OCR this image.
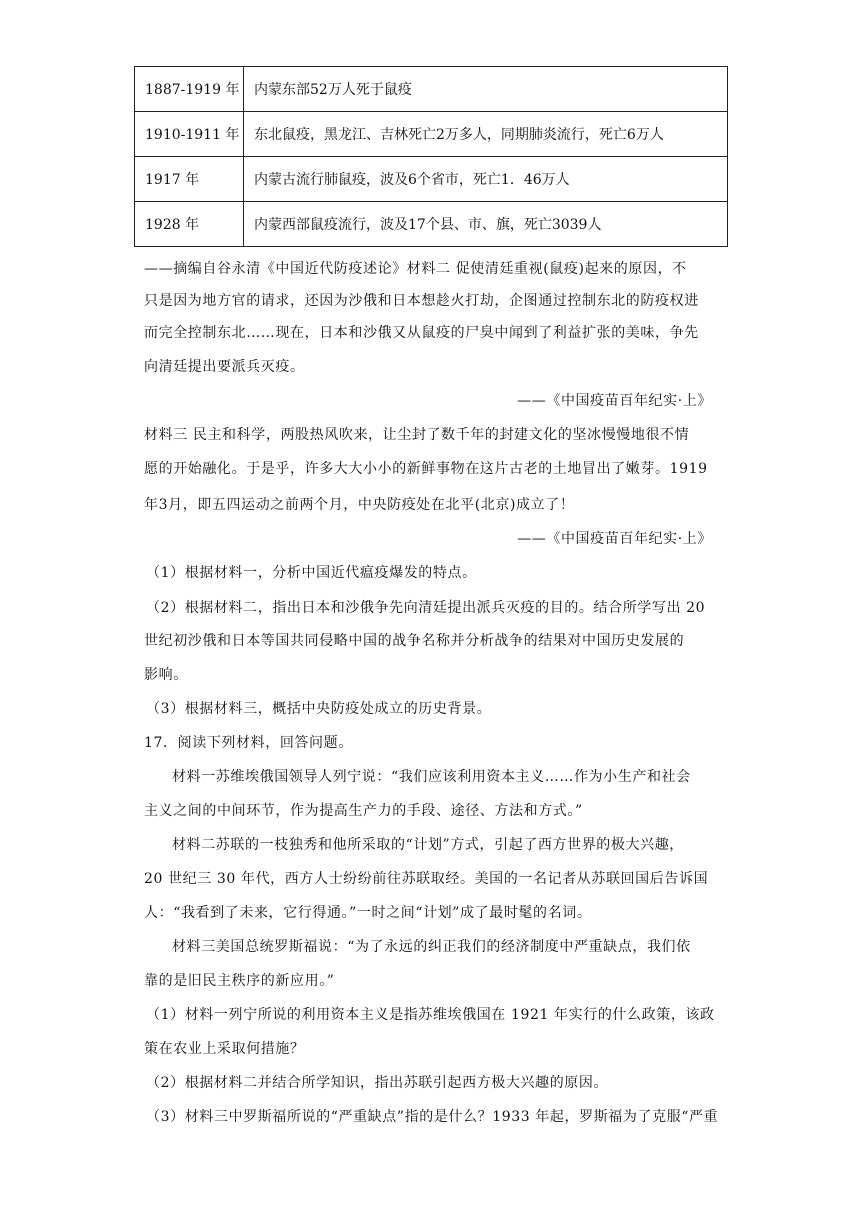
1887-1919 年	内蒙东部52万人死于鼠疫
1910-1911 年	东北鼠疫，黑龙江、吉林死亡2万多人，同期肺炎流行，死亡6万人
1917 年	内蒙古流行肺鼠疫，波及6个省市，死亡1．46万人
1928 年	内蒙西部鼠疫流行，波及17个县、市、旗，死亡3039人
——摘编自谷永清《中国近代防疫述论》材料二 促使清廷重视(鼠疫)起来的原因，不
只是因为地方官的请求，还因为沙俄和日本想趁火打劫，企图通过控制东北的防疫权进
而完全控制东北……现在，日本和沙俄又从鼠疫的尸臭中闻到了利益扩张的美味，争先
向清廷提出要派兵灭疫。
——《中国疫苗百年纪实·上》
材料三 民主和科学，两股热风吹来，让尘封了数千年的封建文化的坚冰慢慢地很不情
愿的开始融化。于是乎，许多大大小小的新鲜事物在这片古老的土地冒出了嫩芽。1919
年3月，即五四运动之前两个月，中央防疫处在北平(北京)成立了！
——《中国疫苗百年纪实·上》
（1）根据材料一，分析中国近代瘟疫爆发的特点。
（2）根据材料二，指出日本和沙俄争先向清廷提出派兵灭疫的目的。结合所学写出 20
世纪初沙俄和日本等国共同侵略中国的战争名称并分析战争的结果对中国历史发展的
影响。
（3）根据材料三，概括中央防疫处成立的历史背景。
17．阅读下列材料，回答问题。
材料一苏维埃俄国领导人列宁说：“我们应该利用资本主义……作为小生产和社会
主义之间的中间环节，作为提高生产力的手段、途径、方法和方式。”
材料二苏联的一枝独秀和他所采取的“计划”方式，引起了西方世界的极大兴趣，
20 世纪三 30 年代，西方人士纷纷前往苏联取经。美国的一名记者从苏联回国后告诉国
人：“我看到了未来，它行得通。”一时之间“计划”成了最时髦的名词。
材料三美国总统罗斯福说：“为了永远的纠正我们的经济制度中严重缺点，我们依
靠的是旧民主秩序的新应用。”
（1）材料一列宁所说的利用资本主义是指苏维埃俄国在 1921 年实行的什么政策，该政
策在农业上采取何措施？
（2）根据材料二并结合所学知识，指出苏联引起西方极大兴趣的原因。
（3）材料三中罗斯福所说的“严重缺点”指的是什么？1933 年起，罗斯福为了克服“严重
